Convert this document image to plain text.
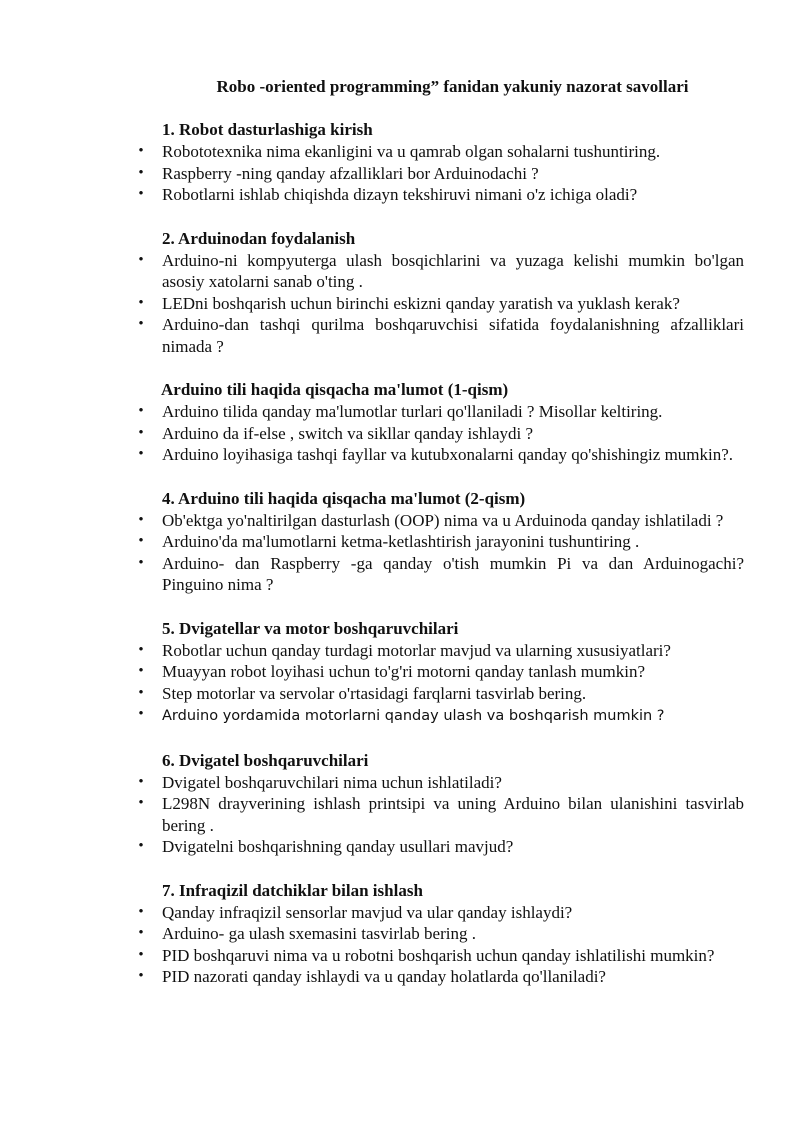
Robo -oriented programming” fanidan yakuniy nazorat savollari
1. Robot dasturlashiga kirish
• Robototexnika nima ekanligini va u qamrab olgan sohalarni tushuntiring.
• Raspberry -ning qanday afzalliklari bor Arduinodachi ?
• Robotlarni ishlab chiqishda dizayn tekshiruvi nimani o'z ichiga oladi?
2. Arduinodan foydalanish
• Arduino-ni kompyuterga ulash bosqichlarini va yuzaga kelishi mumkin bo'lgan asosiy xatolarni sanab o'ting .
• LEDni boshqarish uchun birinchi eskizni qanday yaratish va yuklash kerak?
• Arduino-dan tashqi qurilma boshqaruvchisi sifatida foydalanishning afzalliklari nimada ?
Arduino tili haqida qisqacha ma'lumot (1-qism)
• Arduino tilida qanday ma'lumotlar turlari qo'llaniladi ? Misollar keltiring.
• Arduino da if-else , switch va sikllar qanday ishlaydi ?
• Arduino loyihasiga tashqi fayllar va kutubxonalarni qanday qo'shishingiz mumkin?.
4. Arduino tili haqida qisqacha ma'lumot (2-qism)
• Ob'ektga yo'naltirilgan dasturlash (OOP) nima va u Arduinoda qanday ishlatiladi ?
• Arduino'da ma'lumotlarni ketma-ketlashtirish jarayonini tushuntiring .
• Arduino- dan Raspberry -ga qanday o'tish mumkin Pi va dan Arduinogachi? Pinguino nima ?
5. Dvigatellar va motor boshqaruvchilari
• Robotlar uchun qanday turdagi motorlar mavjud va ularning xususiyatlari?
• Muayyan robot loyihasi uchun to'g'ri motorni qanday tanlash mumkin?
• Step motorlar va servolar o'rtasidagi farqlarni tasvirlab bering.
•	Arduino yordamida motorlarni qanday ulash va boshqarish mumkin ?
6. Dvigatel boshqaruvchilari
• Dvigatel boshqaruvchilari nima uchun ishlatiladi?
• L298N drayverining ishlash printsipi va uning Arduino bilan ulanishini tasvirlab bering .
• Dvigatelni boshqarishning qanday usullari mavjud?
7. Infraqizil datchiklar bilan ishlash
• Qanday infraqizil sensorlar mavjud va ular qanday ishlaydi?
• Arduino- ga ulash sxemasini tasvirlab bering .
• PID boshqaruvi nima va u robotni boshqarish uchun qanday ishlatilishi mumkin?
• PID nazorati qanday ishlaydi va u qanday holatlarda qo'llaniladi?
